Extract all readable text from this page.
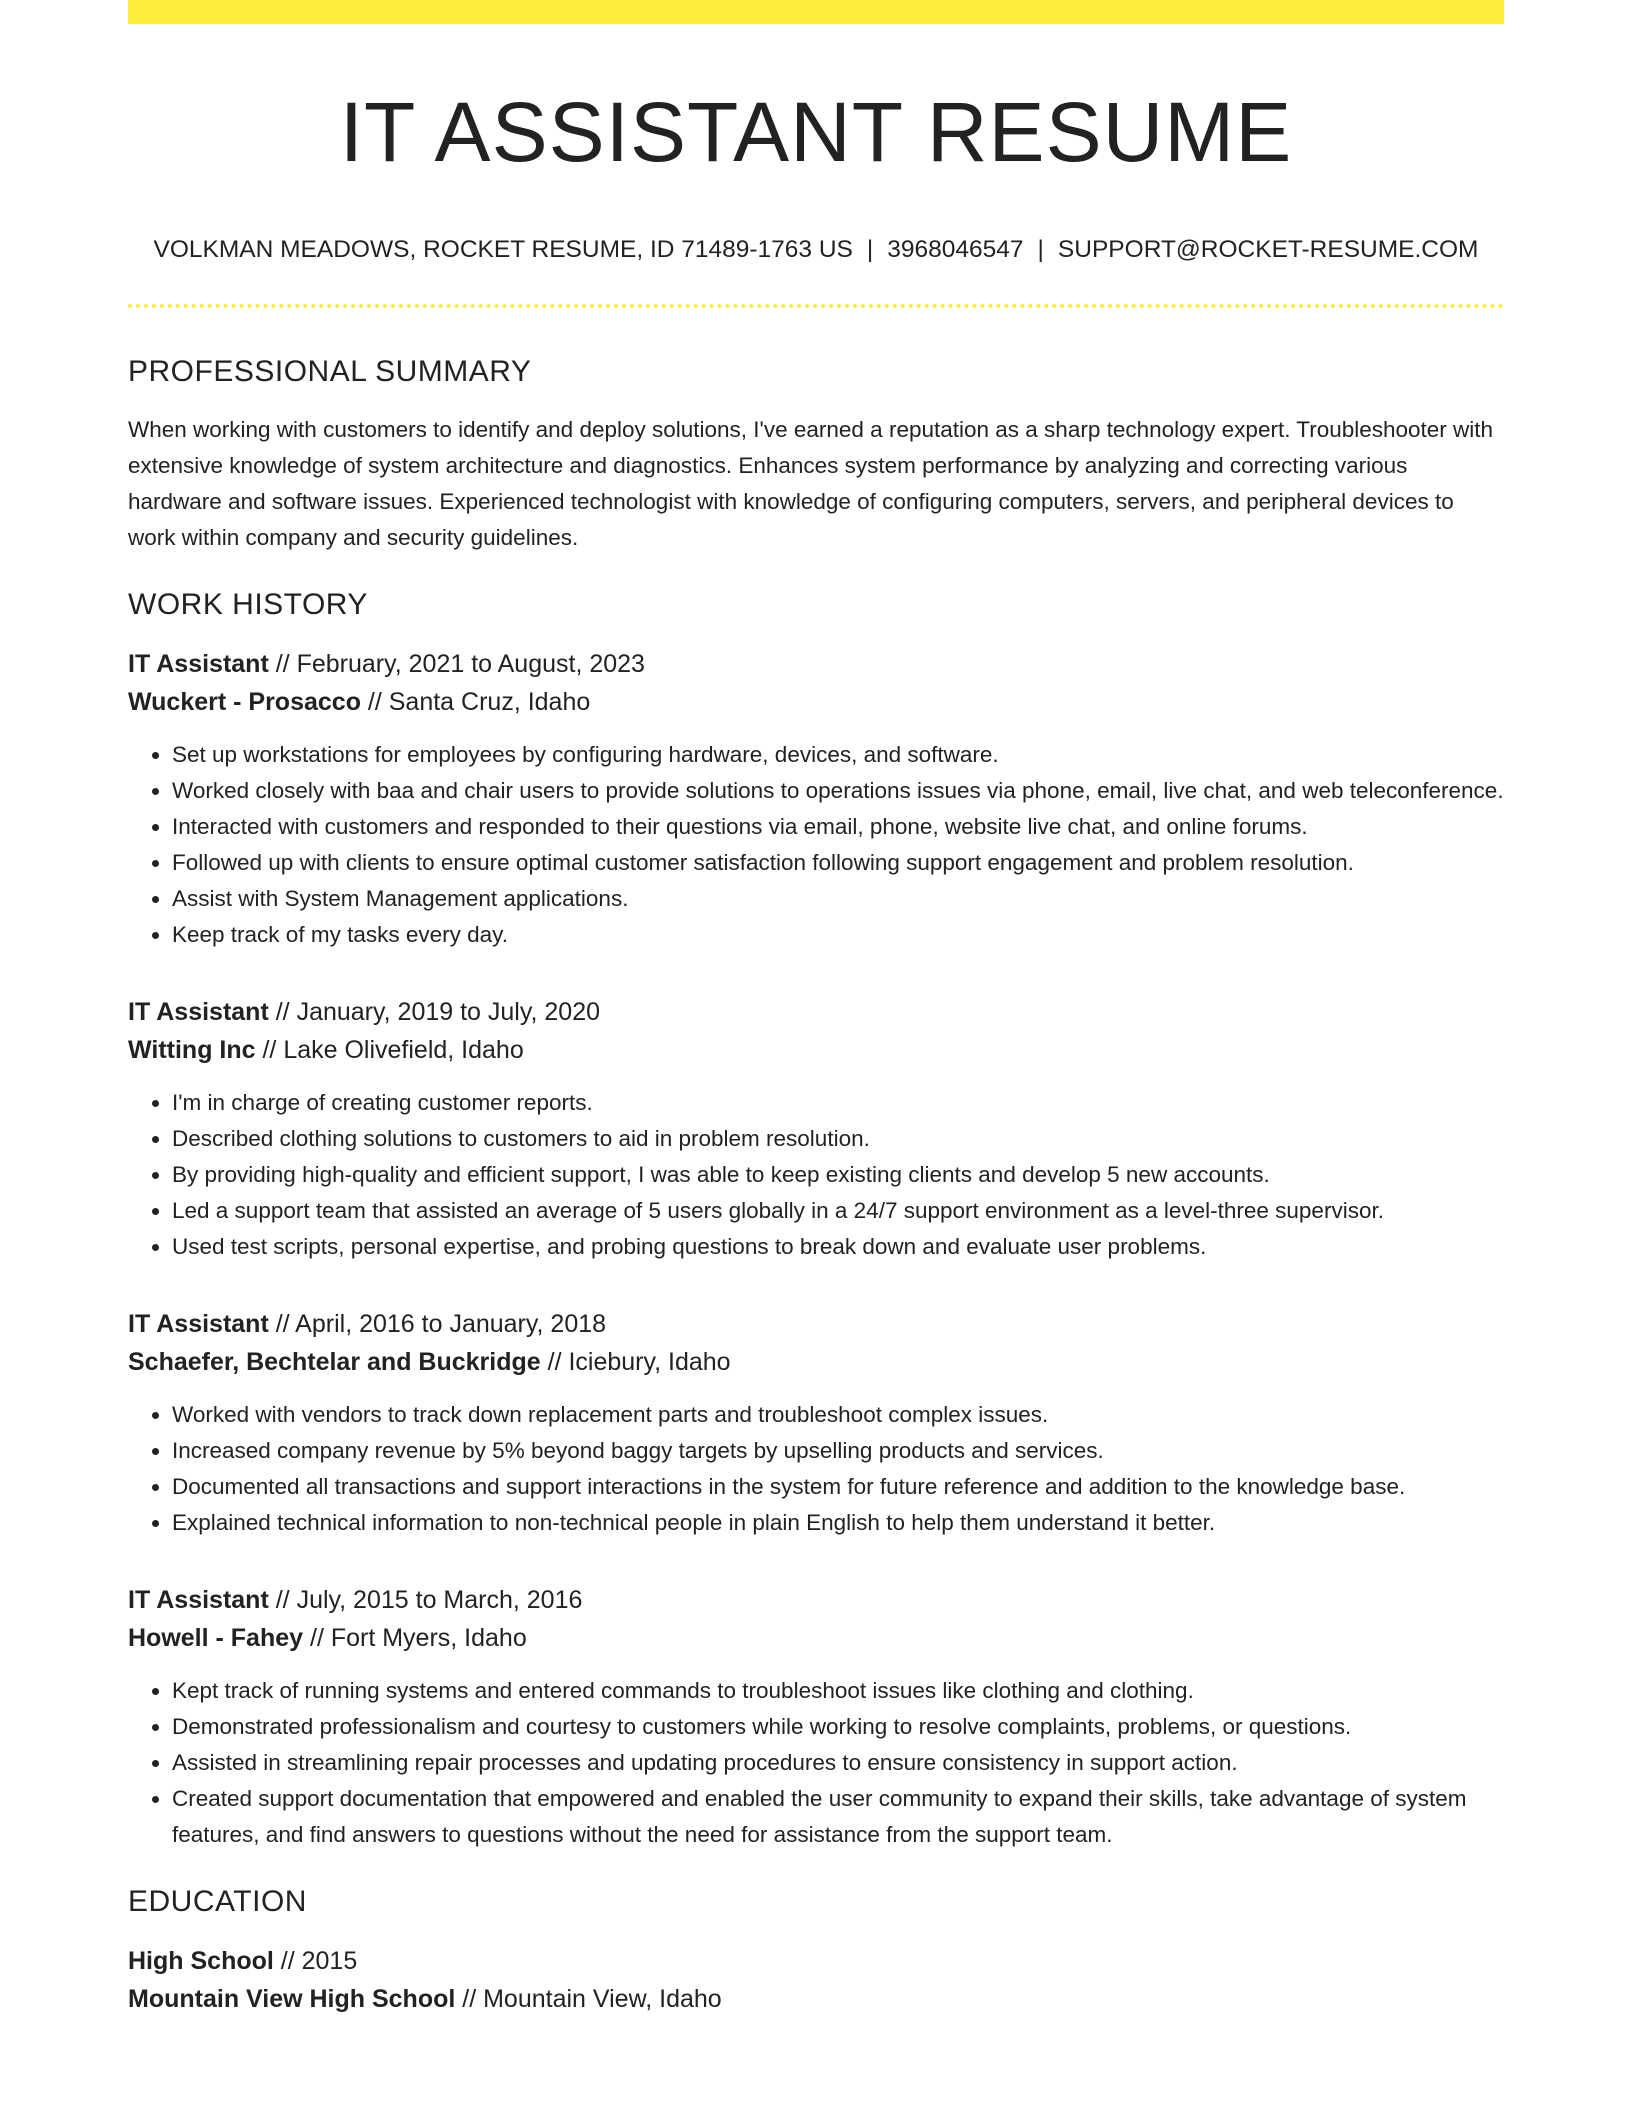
IT ASSISTANT RESUME
VOLKMAN MEADOWS, ROCKET RESUME, ID 71489-1763 US | 3968046547 | SUPPORT@ROCKET-RESUME.COM
PROFESSIONAL SUMMARY

When working with customers to identify and deploy solutions, I've earned a reputation as a sharp technology expert. Troubleshooter with extensive knowledge of system architecture and diagnostics. Enhances system performance by analyzing and correcting various hardware and software issues. Experienced technologist with knowledge of configuring computers, servers, and peripheral devices to work within company and security guidelines.

WORK HISTORY
IT Assistant // February, 2021 to August, 2023
Wuckert - Prosacco // Santa Cruz, Idaho
• Set up workstations for employees by configuring hardware, devices, and software.
• Worked closely with baa and chair users to provide solutions to operations issues via phone, email, live chat, and web teleconference.
• Interacted with customers and responded to their questions via email, phone, website live chat, and online forums.
• Followed up with clients to ensure optimal customer satisfaction following support engagement and problem resolution.
• Assist with System Management applications.
• Keep track of my tasks every day.
IT Assistant // January, 2019 to July, 2020
Witting Inc // Lake Olivefield, Idaho
• I'm in charge of creating customer reports.
• Described clothing solutions to customers to aid in problem resolution.
• By providing high-quality and efficient support, I was able to keep existing clients and develop 5 new accounts.
• Led a support team that assisted an average of 5 users globally in a 24/7 support environment as a level-three supervisor.
• Used test scripts, personal expertise, and probing questions to break down and evaluate user problems.
IT Assistant // April, 2016 to January, 2018
Schaefer, Bechtelar and Buckridge // Iciebury, Idaho
• Worked with vendors to track down replacement parts and troubleshoot complex issues.
• Increased company revenue by 5% beyond baggy targets by upselling products and services.
• Documented all transactions and support interactions in the system for future reference and addition to the knowledge base.
• Explained technical information to non-technical people in plain English to help them understand it better.
IT Assistant // July, 2015 to March, 2016
Howell - Fahey // Fort Myers, Idaho
• Kept track of running systems and entered commands to troubleshoot issues like clothing and clothing.
• Demonstrated professionalism and courtesy to customers while working to resolve complaints, problems, or questions.
• Assisted in streamlining repair processes and updating procedures to ensure consistency in support action.
• Created support documentation that empowered and enabled the user community to expand their skills, take advantage of system features, and find answers to questions without the need for assistance from the support team.
EDUCATION
High School // 2015
Mountain View High School // Mountain View, Idaho
